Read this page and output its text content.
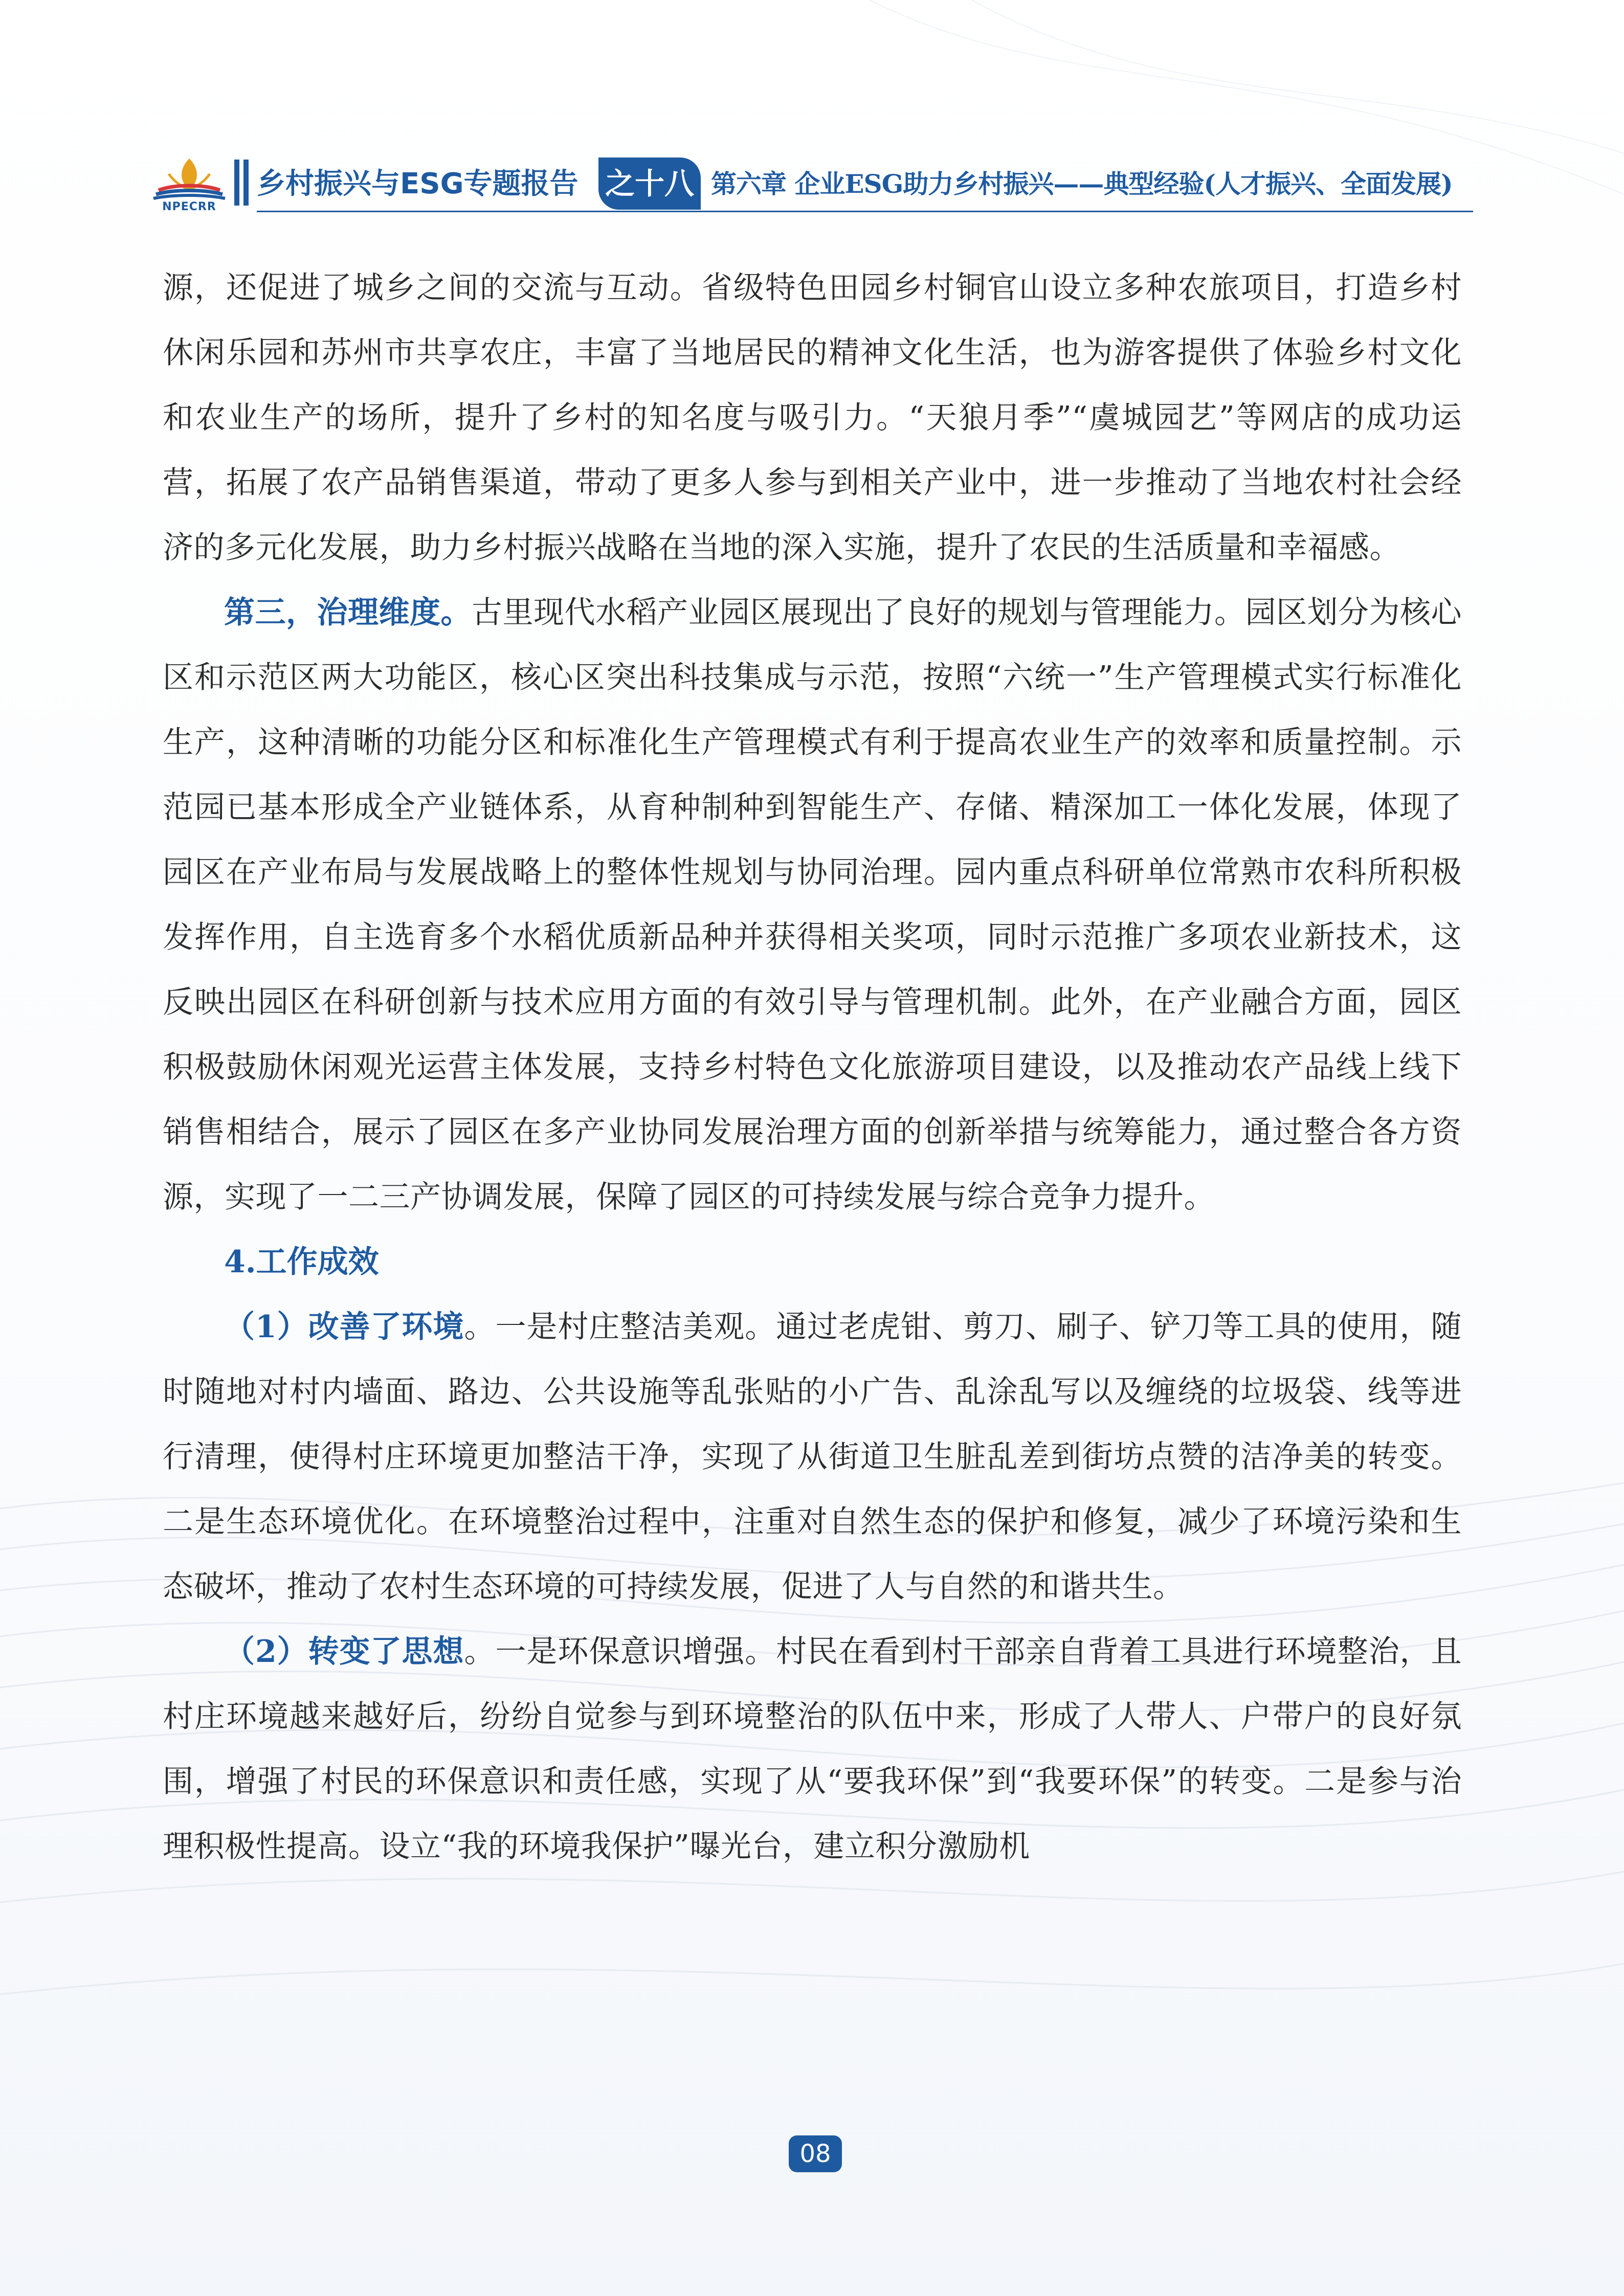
NPECRR
乡村振兴与ESG专题报告 之十八 第六章 企业ESG助力乡村振兴——典型经验(人才振兴、全面发展)

源，还促进了城乡之间的交流与互动。省级特色田园乡村铜官山设立多种农旅项目，打造乡村休闲乐园和苏州市共享农庄，丰富了当地居民的精神文化生活，也为游客提供了体验乡村文化和农业生产的场所，提升了乡村的知名度与吸引力。“天狼月季”“虞城园艺”等网店的成功运营，拓展了农产品销售渠道，带动了更多人参与到相关产业中，进一步推动了当地农村社会经济的多元化发展，助力乡村振兴战略在当地的深入实施，提升了农民的生活质量和幸福感。

第三，治理维度。古里现代水稻产业园区展现出了良好的规划与管理能力。园区划分为核心区和示范区两大功能区，核心区突出科技集成与示范，按照“六统一”生产管理模式实行标准化生产，这种清晰的功能分区和标准化生产管理模式有利于提高农业生产的效率和质量控制。示范园已基本形成全产业链体系，从育种制种到智能生产、存储、精深加工一体化发展，体现了园区在产业布局与发展战略上的整体性规划与协同治理。园内重点科研单位常熟市农科所积极发挥作用，自主选育多个水稻优质新品种并获得相关奖项，同时示范推广多项农业新技术，这反映出园区在科研创新与技术应用方面的有效引导与管理机制。此外，在产业融合方面，园区积极鼓励休闲观光运营主体发展，支持乡村特色文化旅游项目建设，以及推动农产品线上线下销售相结合，展示了园区在多产业协同发展治理方面的创新举措与统筹能力，通过整合各方资源，实现了一二三产协调发展，保障了园区的可持续发展与综合竞争力提升。

4.工作成效

（1）改善了环境。一是村庄整洁美观。通过老虎钳、剪刀、刷子、铲刀等工具的使用，随时随地对村内墙面、路边、公共设施等乱张贴的小广告、乱涂乱写以及缠绕的垃圾袋、线等进行清理，使得村庄环境更加整洁干净，实现了从街道卫生脏乱差到街坊点赞的洁净美的转变。二是生态环境优化。在环境整治过程中，注重对自然生态的保护和修复，减少了环境污染和生态破坏，推动了农村生态环境的可持续发展，促进了人与自然的和谐共生。

（2）转变了思想。一是环保意识增强。村民在看到村干部亲自背着工具进行环境整治，且村庄环境越来越好后，纷纷自觉参与到环境整治的队伍中来，形成了人带人、户带户的良好氛围，增强了村民的环保意识和责任感，实现了从“要我环保”到“我要环保”的转变。二是参与治理积极性提高。设立“我的环境我保护”曝光台，建立积分激励机

08
